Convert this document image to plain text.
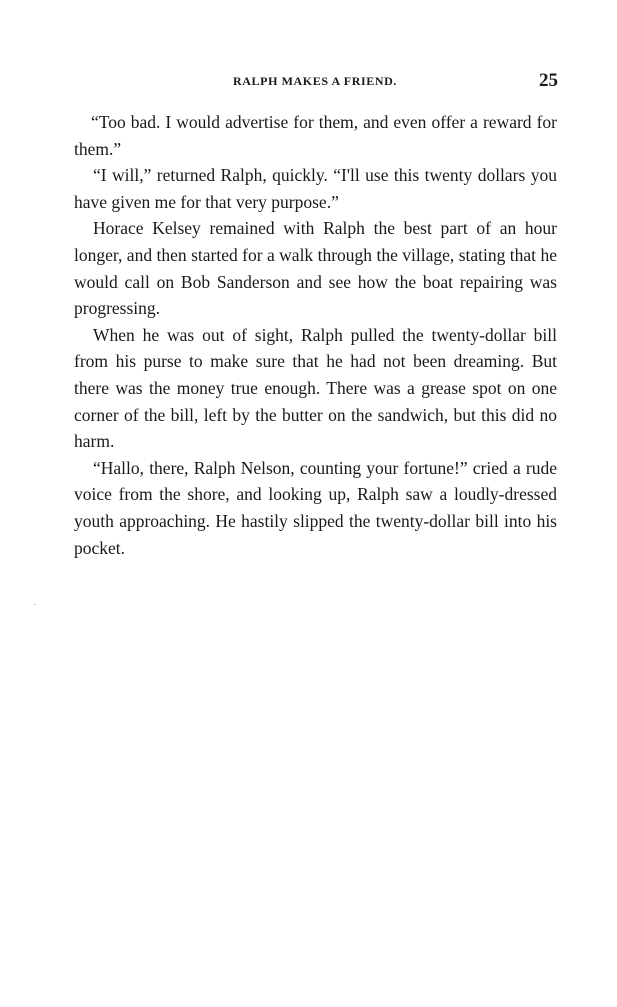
RALPH MAKES A FRIEND.	25

“Too bad. I would advertise for them, and even offer a reward for them.”

“I will,” returned Ralph, quickly. “I'll use this twenty dollars you have given me for that very purpose.”

Horace Kelsey remained with Ralph the best part of an hour longer, and then started for a walk through the village, stating that he would call on Bob Sanderson and see how the boat repairing was progressing.

When he was out of sight, Ralph pulled the twenty-dollar bill from his purse to make sure that he had not been dreaming. But there was the money true enough. There was a grease spot on one corner of the bill, left by the butter on the sandwich, but this did no harm.

“Hallo, there, Ralph Nelson, counting your fortune!” cried a rude voice from the shore, and looking up, Ralph saw a loudly-dressed youth approaching. He hastily slipped the twenty-dollar bill into his pocket.
